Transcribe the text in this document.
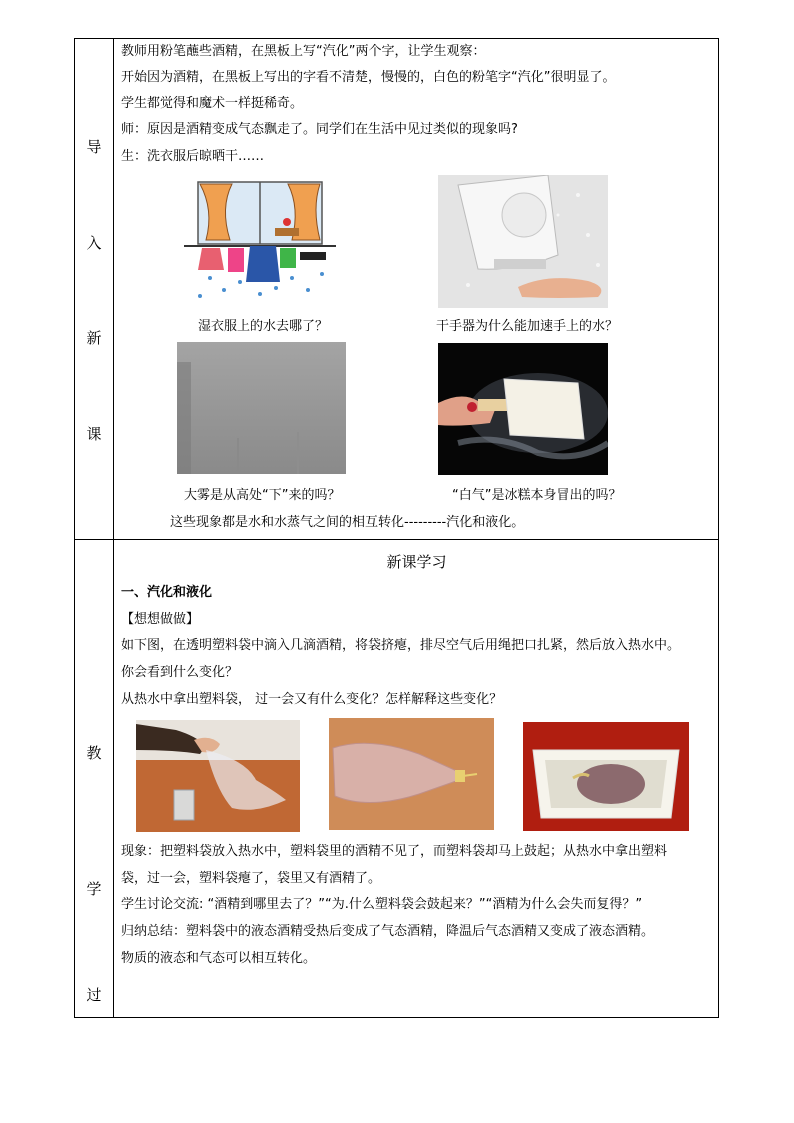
导
入
新
课
教
学
过
教师用粉笔蘸些酒精，在黑板上写“汽化”两个字，让学生观察：
开始因为酒精，在黑板上写出的字看不清楚，慢慢的，白色的粉笔字“汽化”很明显了。
学生都觉得和魔术一样挺稀奇。
师：原因是酒精变成气态飘走了。同学们在生活中见过类似的现象吗?
生：洗衣服后晾晒干……
湿衣服上的水去哪了？	干手器为什么能加速手上的水？
大雾是从高处“下”来的吗？	“白气”是冰糕本身冒出的吗？
这些现象都是水和水蒸气之间的相互转化---------汽化和液化。
新课学习
一、汽化和液化
【想想做做】
如下图，在透明塑料袋中滴入几滴酒精，将袋挤瘪，排尽空气后用绳把口扎紧，然后放入热水中。
你会看到什么变化？
从热水中拿出塑料袋， 过一会又有什么变化？怎样解释这些变化？
现象：把塑料袋放入热水中，塑料袋里的酒精不见了，而塑料袋却马上鼓起；从热水中拿出塑料
袋，过一会，塑料袋瘪了，袋里又有酒精了。
学生讨论交流: “酒精到哪里去了？”“为.什么塑料袋会鼓起来？”“酒精为什么会失而复得？”
归纳总结：塑料袋中的液态酒精受热后变成了气态酒精，降温后气态酒精又变成了液态酒精。
物质的液态和气态可以相互转化。
